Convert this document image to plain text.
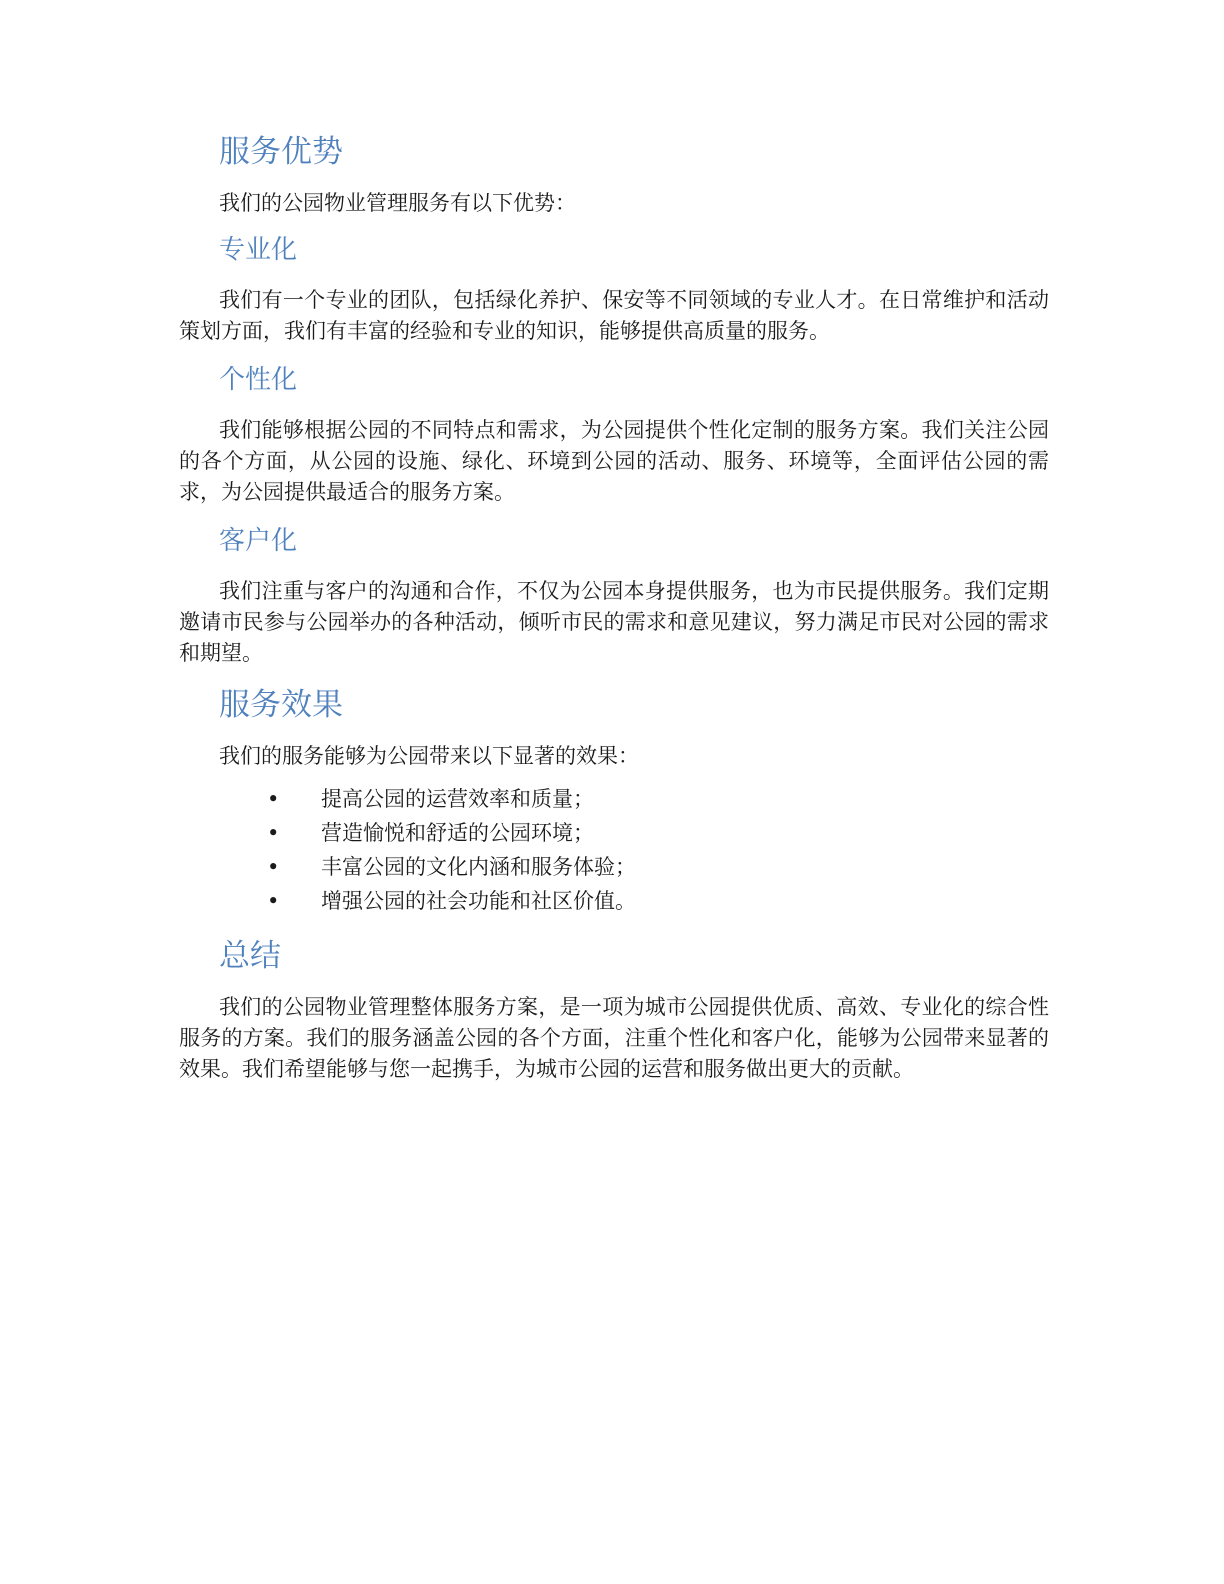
服务优势

我们的公园物业管理服务有以下优势：

专业化

我们有一个专业的团队，包括绿化养护、保安等不同领域的专业人才。在日常维护和活动策划方面，我们有丰富的经验和专业的知识，能够提供高质量的服务。

个性化

我们能够根据公园的不同特点和需求，为公园提供个性化定制的服务方案。我们关注公园的各个方面，从公园的设施、绿化、环境到公园的活动、服务、环境等，全面评估公园的需求，为公园提供最适合的服务方案。

客户化

我们注重与客户的沟通和合作，不仅为公园本身提供服务，也为市民提供服务。我们定期邀请市民参与公园举办的各种活动，倾听市民的需求和意见建议，努力满足市民对公园的需求和期望。

服务效果

我们的服务能够为公园带来以下显著的效果：

• 提高公园的运营效率和质量；
• 营造愉悦和舒适的公园环境；
• 丰富公园的文化内涵和服务体验；
• 增强公园的社会功能和社区价值。
总结

我们的公园物业管理整体服务方案，是一项为城市公园提供优质、高效、专业化的综合性服务的方案。我们的服务涵盖公园的各个方面，注重个性化和客户化，能够为公园带来显著的效果。我们希望能够与您一起携手，为城市公园的运营和服务做出更大的贡献。
